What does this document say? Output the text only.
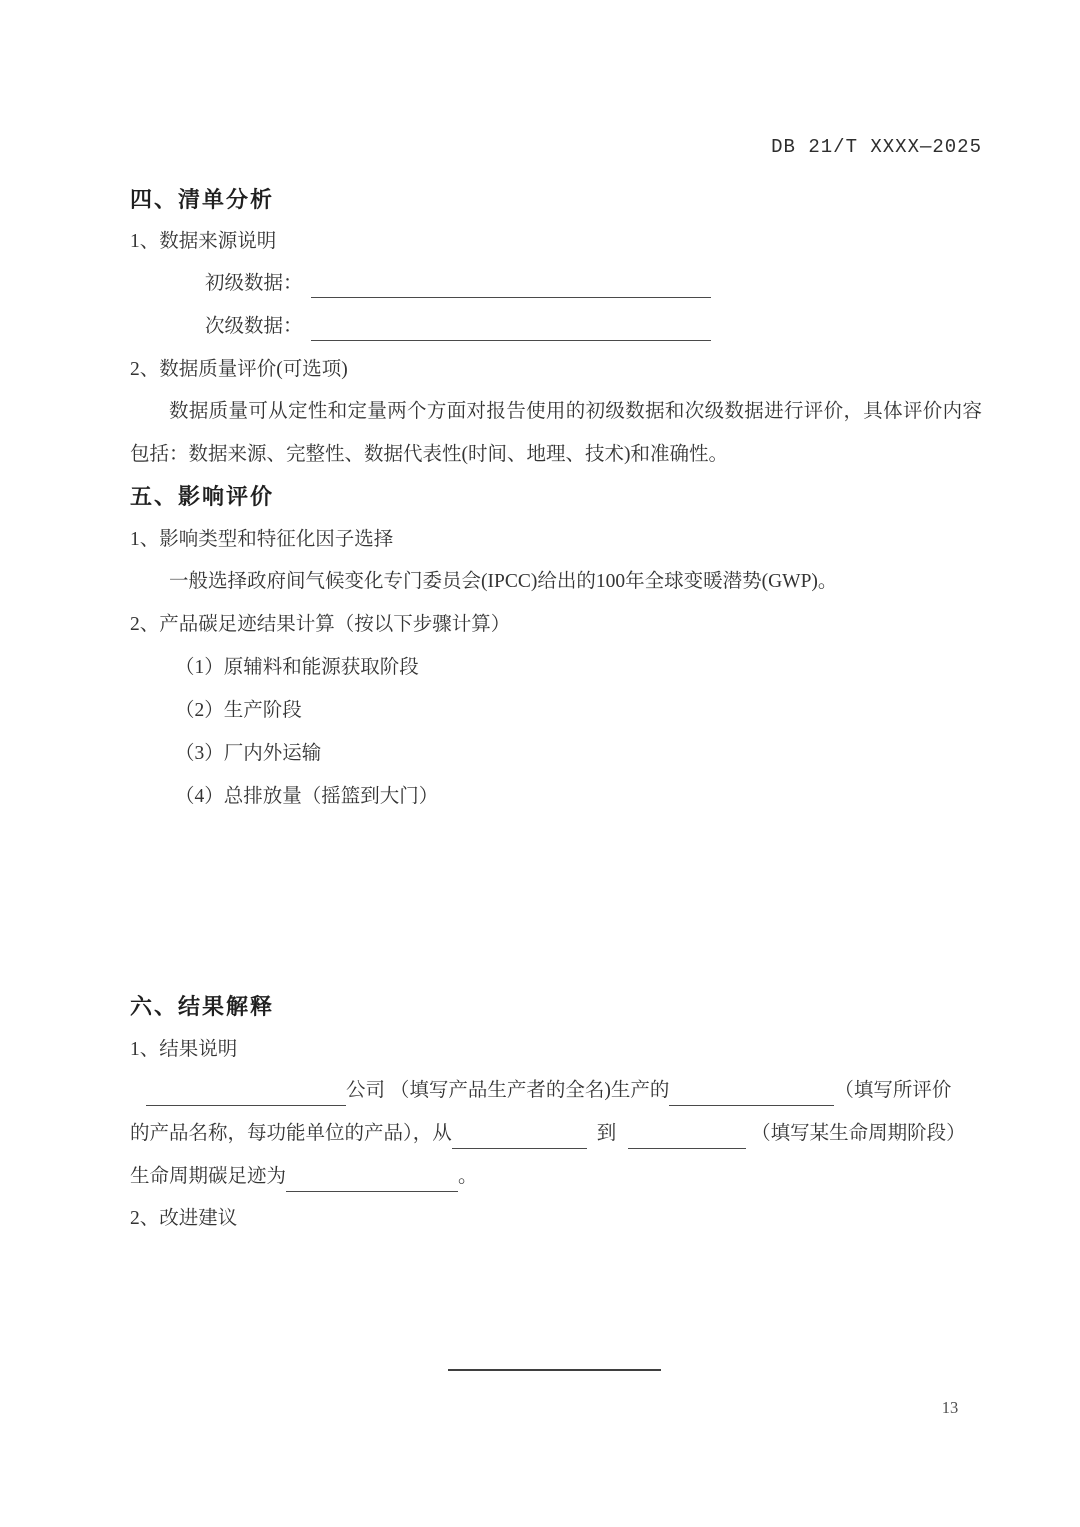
DB 21/T XXXX—2025
四、清单分析
1、数据来源说明
初级数据：
次级数据：
2、数据质量评价(可选项)
数据质量可从定性和定量两个方面对报告使用的初级数据和次级数据进行评价，具体评价内容包括：数据来源、完整性、数据代表性(时间、地理、技术)和准确性。
五、影响评价
1、影响类型和特征化因子选择
一般选择政府间气候变化专门委员会(IPCC)给出的100年全球变暖潜势(GWP)。
2、产品碳足迹结果计算（按以下步骤计算）
（1）原辅料和能源获取阶段
（2）生产阶段
（3）厂内外运输
（4）总排放量（摇篮到大门）
六、结果解释
1、结果说明
公司 （填写产品生产者的全名)生产的	（填写所评价
的产品名称，每功能单位的产品），从	到	（填写某生命周期阶段）
生命周期碳足迹为	。
2、改进建议
13
